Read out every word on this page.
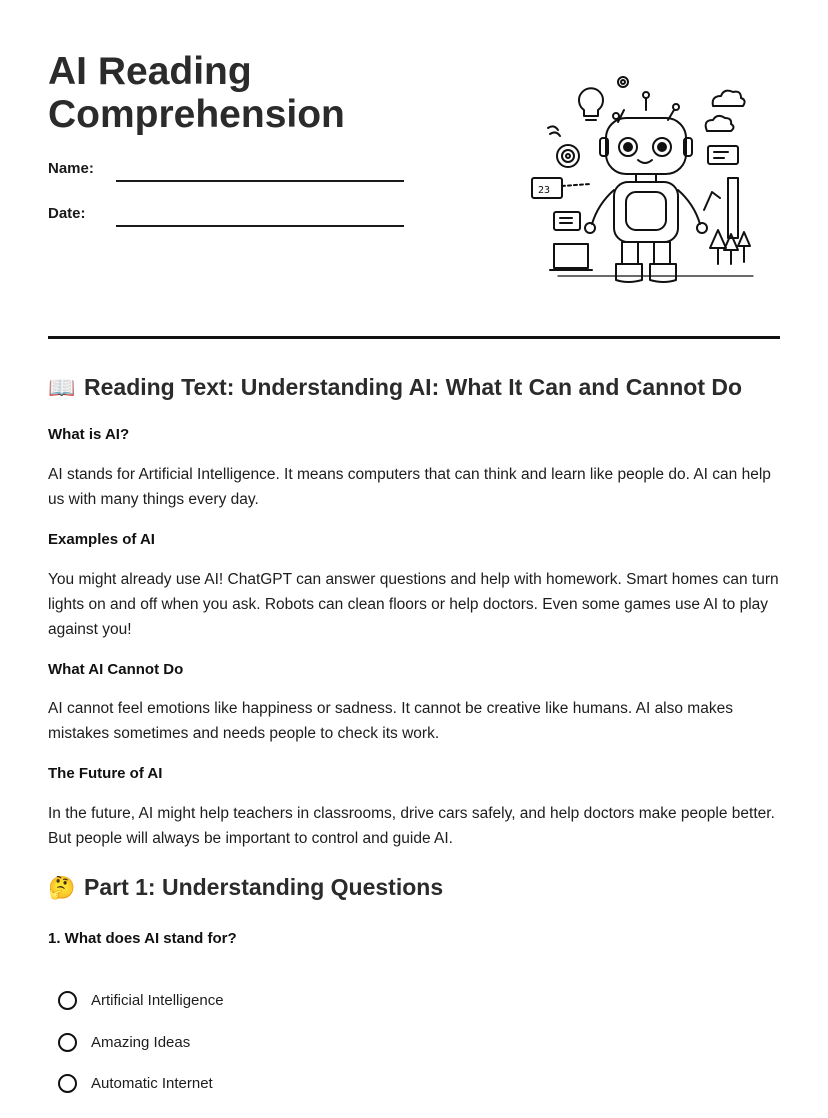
AI Reading Comprehension
Name:
Date:
23
📖 Reading Text: Understanding AI: What It Can and Cannot Do
What is AI?
AI stands for Artificial Intelligence. It means computers that can think and learn like people do. AI can help us with many things every day.
Examples of AI
You might already use AI! ChatGPT can answer questions and help with homework. Smart homes can turn lights on and off when you ask. Robots can clean floors or help doctors. Even some games use AI to play against you!
What AI Cannot Do
AI cannot feel emotions like happiness or sadness. It cannot be creative like humans. AI also makes mistakes sometimes and needs people to check its work.
The Future of AI
In the future, AI might help teachers in classrooms, drive cars safely, and help doctors make people better. But people will always be important to control and guide AI.
🤔 Part 1: Understanding Questions
1. What does AI stand for?
Artificial Intelligence
Amazing Ideas
Automatic Internet
